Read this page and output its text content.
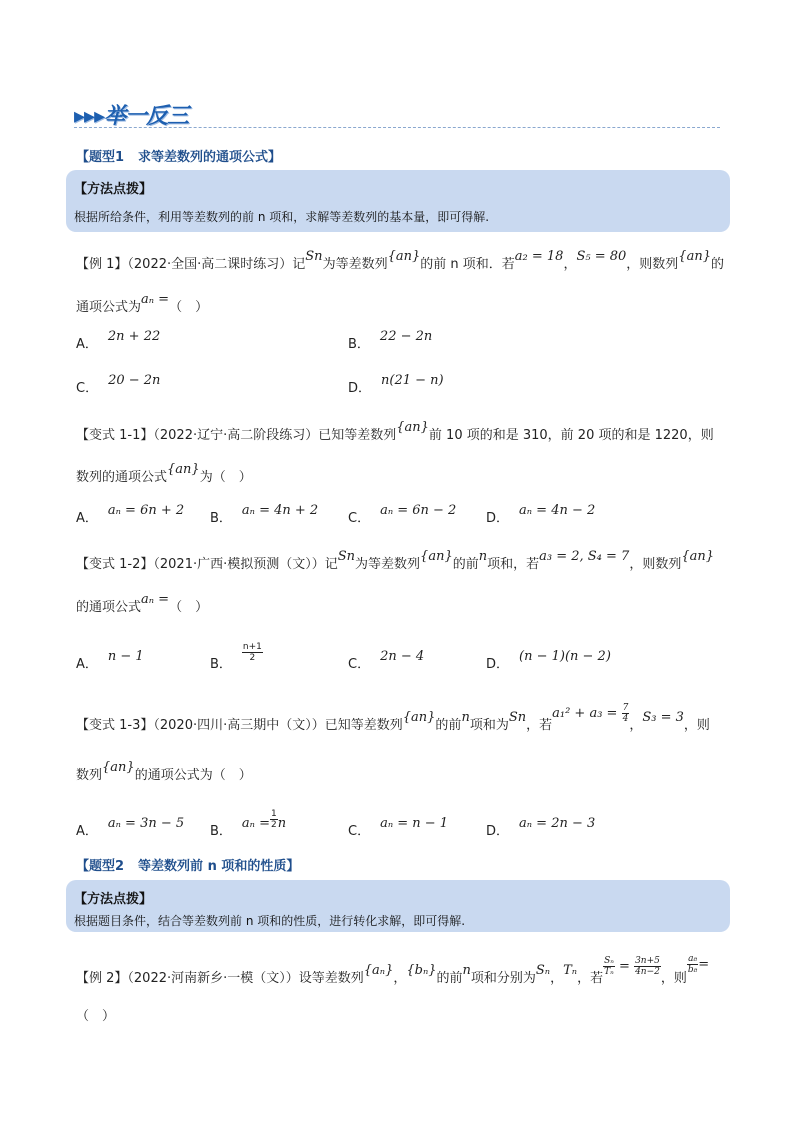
▸▸▸举一反三
【题型1 求等差数列的通项公式】
【方法点拨】
根据所给条件，利用等差数列的前 n 项和，求解等差数列的基本量，即可得解.
【例 1】（2022·全国·高二课时练习）记Sn为等差数列{an}的前 n 项和．若a₂ = 18，S₅ = 80，则数列{an}的
通项公式为aₙ =（　）
A．2n + 22
B．22 − 2n
C．20 − 2n
D．n(21 − n)
【变式 1-1】（2022·辽宁·高二阶段练习）已知等差数列{an}前 10 项的和是 310，前 20 项的和是 1220，则
数列的通项公式{an}为（　）
A．aₙ = 6n + 2
B．aₙ = 4n + 2
C．aₙ = 6n − 2
D．aₙ = 4n − 2
【变式 1-2】（2021·广西·模拟预测（文））记Sn为等差数列{an}的前n项和，若a₃ = 2, S₄ = 7，则数列{an}
的通项公式aₙ =（　）
A．n − 1
B．
$\frac{n+1}{2}$
C．2n − 4
D．(n − 1)(n − 2)
【变式 1-3】（2020·四川·高三期中（文））已知等差数列{an}的前n项和为Sn，若$a_1^2 + a_3 = \frac{7}{4}$
，S₃ = 3，则
数列{an}的通项公式为（　）
A．aₙ = 3n − 5
B．$a_n = \frac{1}{2}$ n
C．aₙ = n − 1
D．aₙ = 2n − 3
【题型2 等差数列前 n 项和的性质】
【方法点拨】
根据题目条件，结合等差数列前 n 项和的性质，进行转化求解，即可得解.
【例 2】（2022·河南新乡·一模（文））设等差数列{aₙ}，{bₙ}的前n项和分别为Sₙ，Tₙ，若
$\frac{\text{Sₙ}}{\text{Tₙ}} = \frac{3n+5}{4n-2}$
，则
$\frac{\text{a₈}}{\text{b₈}}$ =
（　）
